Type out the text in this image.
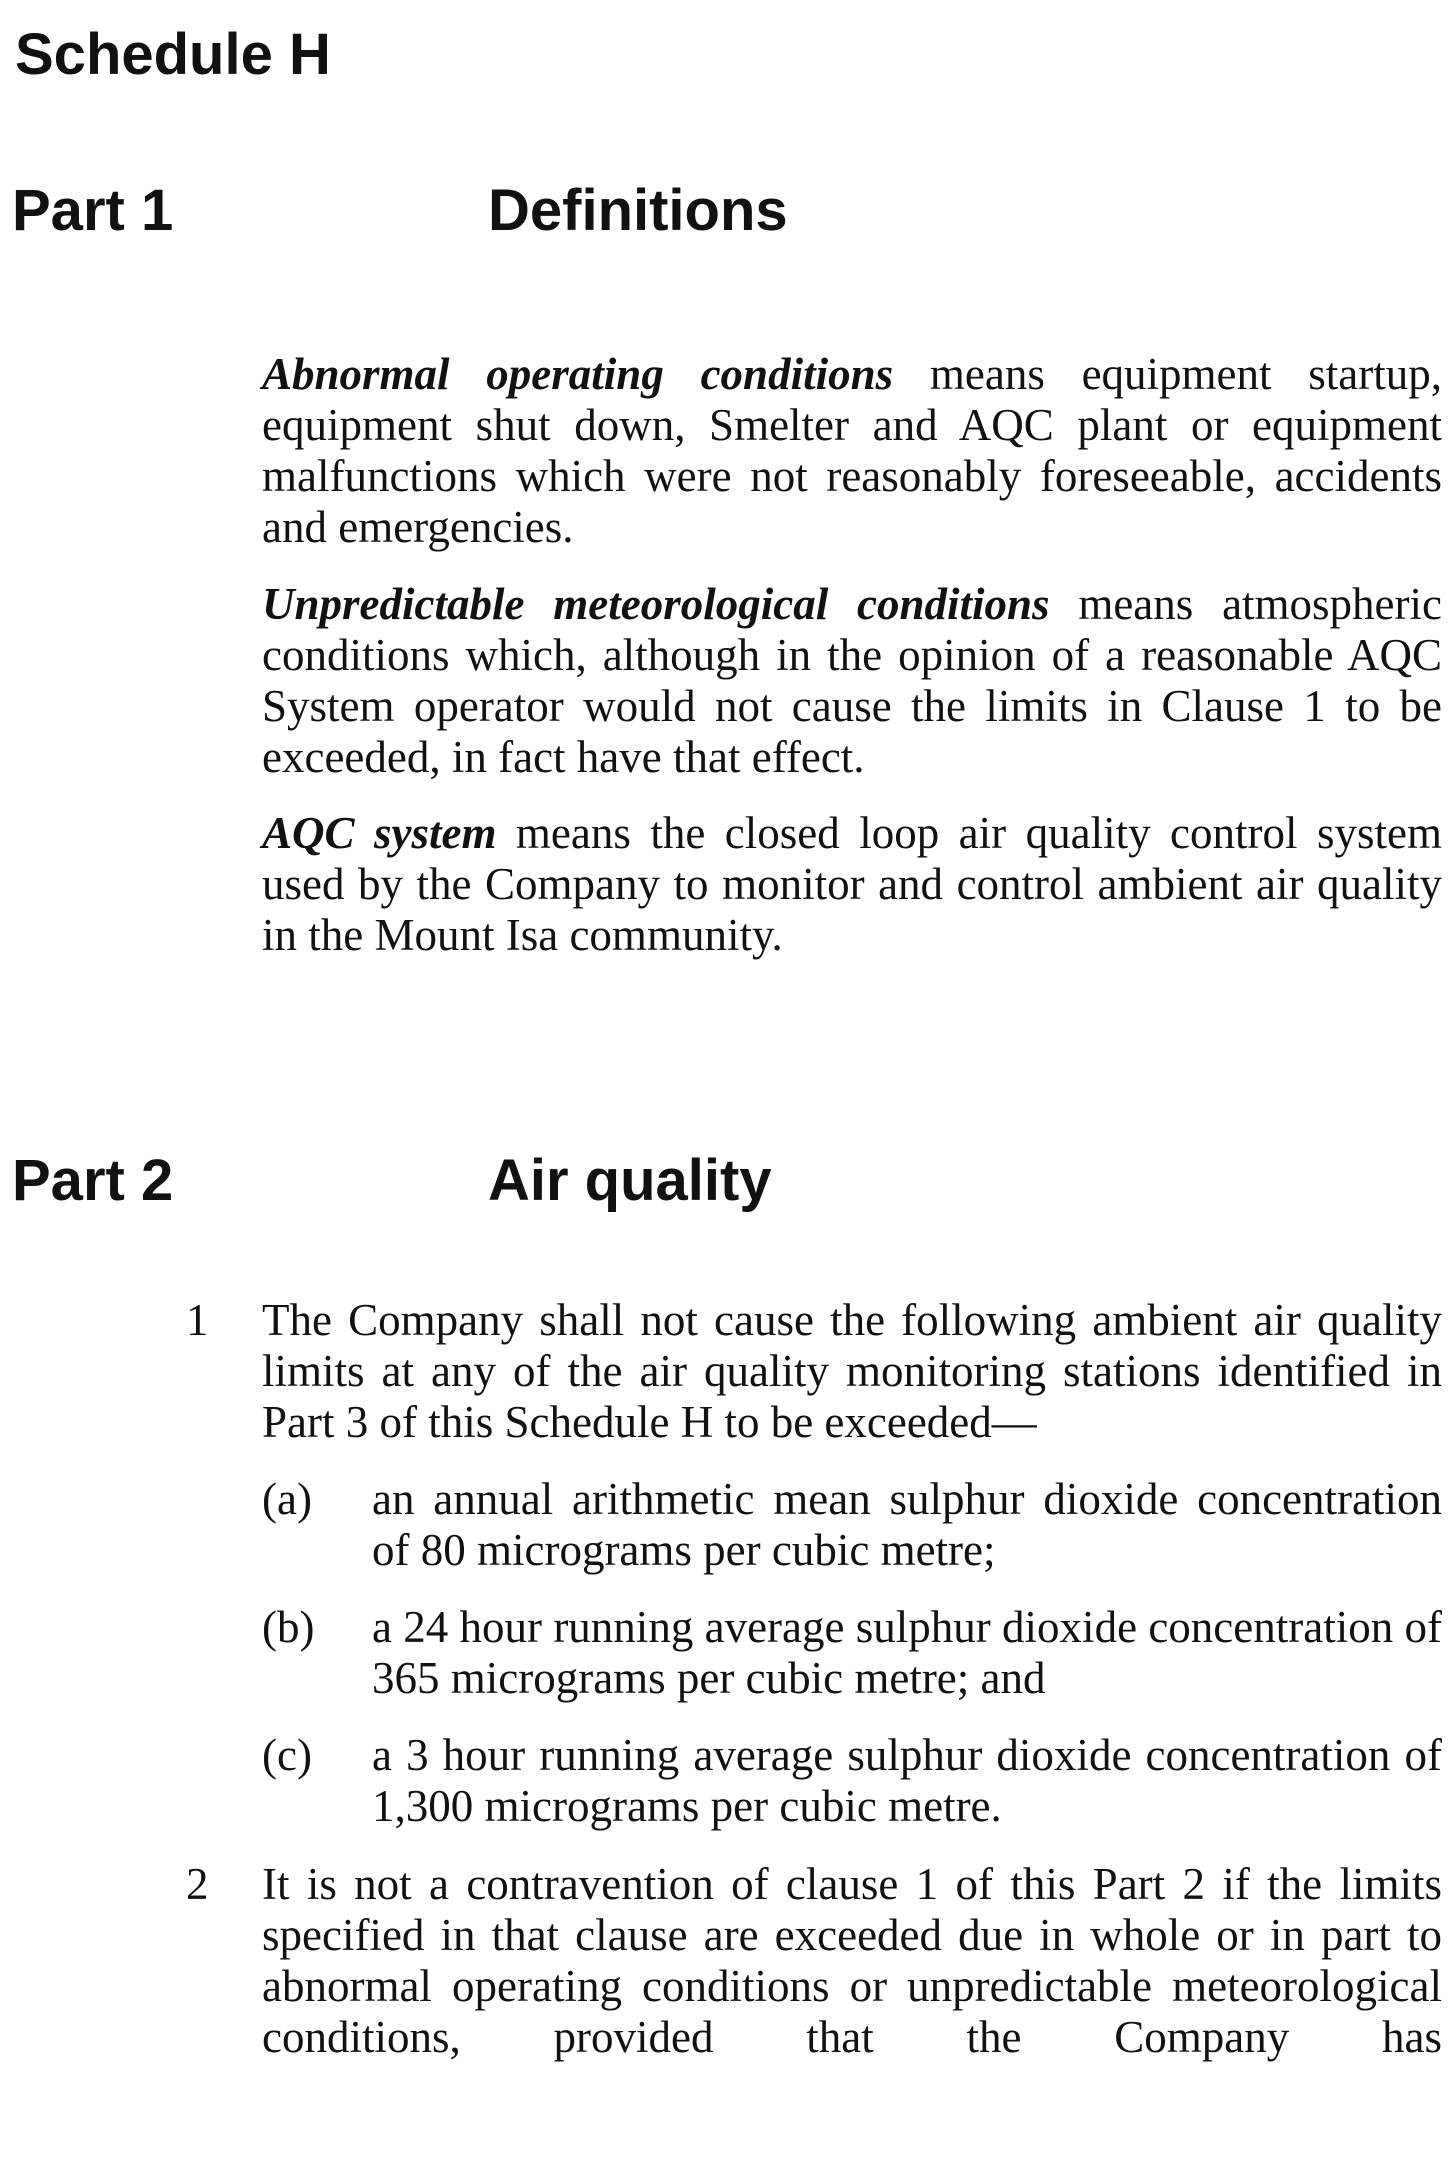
Schedule H
Part 1	Definitions
Abnormal operating conditions means equipment startup, equipment shut down, Smelter and AQC plant or equipment malfunctions which were not reasonably foreseeable, accidents and emergencies.
Unpredictable meteorological conditions means atmospheric conditions which, although in the opinion of a reasonable AQC System operator would not cause the limits in Clause 1 to be exceeded, in fact have that effect.
AQC system means the closed loop air quality control system used by the Company to monitor and control ambient air quality in the Mount Isa community.
Part 2	Air quality
1 The Company shall not cause the following ambient air quality limits at any of the air quality monitoring stations identified in Part 3 of this Schedule H to be exceeded—
(a) an annual arithmetic mean sulphur dioxide concentration of 80 micrograms per cubic metre;
(b) a 24 hour running average sulphur dioxide concentration of 365 micrograms per cubic metre; and
(c) a 3 hour running average sulphur dioxide concentration of 1,300 micrograms per cubic metre.
2 It is not a contravention of clause 1 of this Part 2 if the limits specified in that clause are exceeded due in whole or in part to abnormal operating conditions or unpredictable meteorological conditions, provided that the Company has
